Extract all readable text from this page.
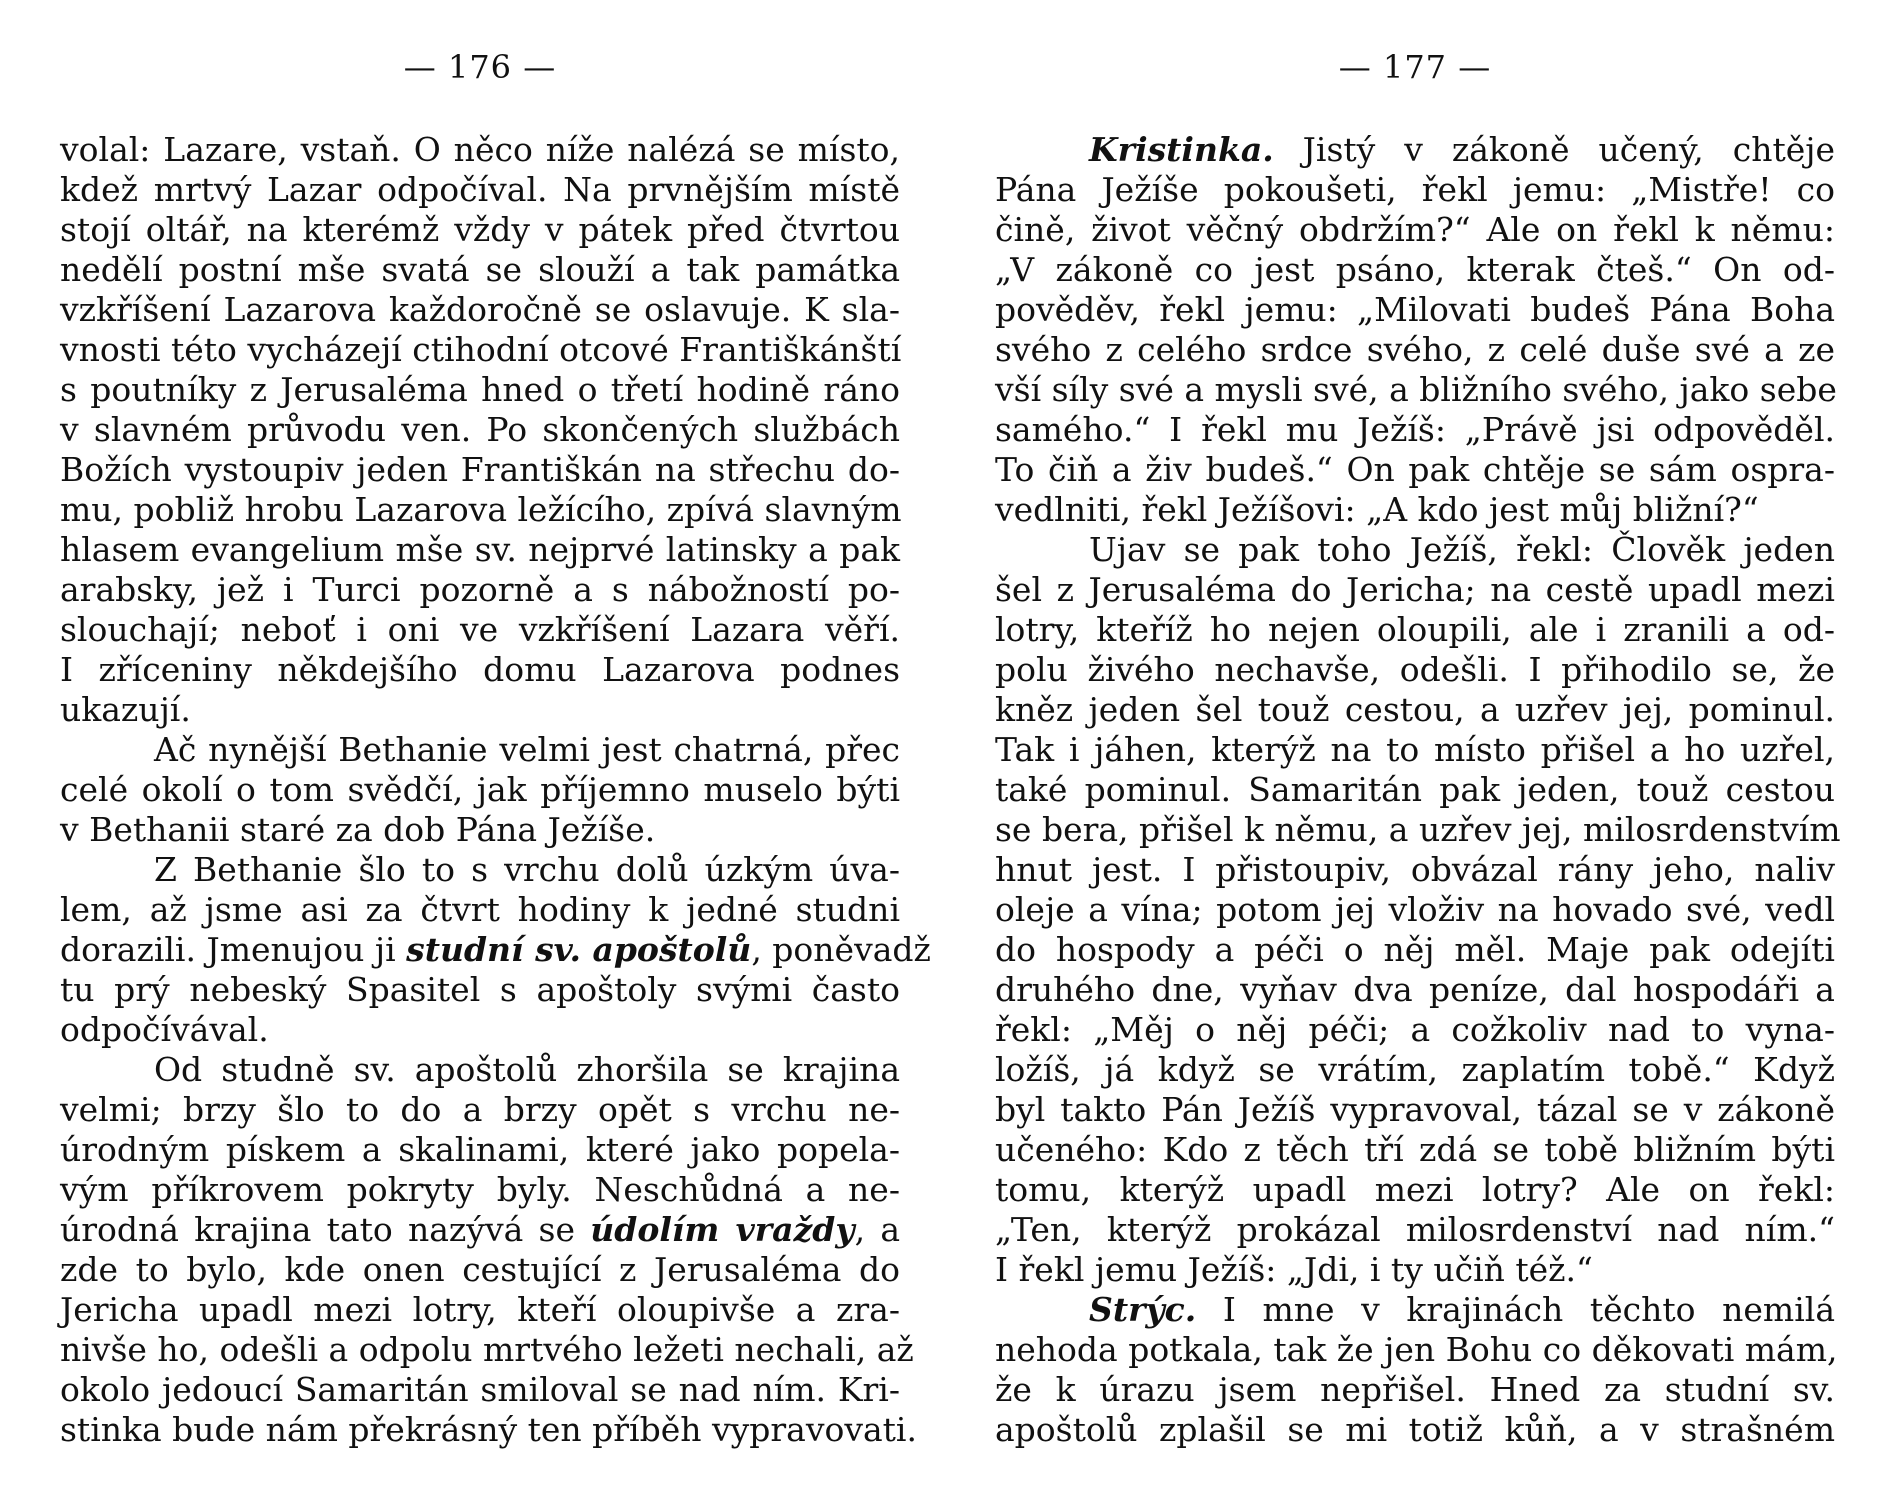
— 176 —
volal: Lazare, vstaň. O něco níže nalézá se místo,
kdež mrtvý Lazar odpočíval. Na prvnějším místě
stojí oltář, na kterémž vždy v pátek před čtvrtou
nedělí postní mše svatá se slouží a tak památka
vzkříšení Lazarova každoročně se oslavuje. K sla-
vnosti této vycházejí ctihodní otcové Františkánští
s poutníky z Jerusaléma hned o třetí hodině ráno
v slavném průvodu ven. Po skončených službách
Božích vystoupiv jeden Františkán na střechu do-
mu, pobliž hrobu Lazarova ležícího, zpívá slavným
hlasem evangelium mše sv. nejprvé latinsky a pak
arabsky, jež i Turci pozorně a s nábožností po-
slouchají; neboť i oni ve vzkříšení Lazara věří.
I zříceniny někdejšího domu Lazarova podnes
ukazují.
Ač nynější Bethanie velmi jest chatrná, přec
celé okolí o tom svědčí, jak příjemno muselo býti
v Bethanii staré za dob Pána Ježíše.
Z Bethanie šlo to s vrchu dolů úzkým úva-
lem, až jsme asi za čtvrt hodiny k jedné studni
dorazili. Jmenujou ji studní sv. apoštolů, poněvadž
tu prý nebeský Spasitel s apoštoly svými často
odpočívával.
Od studně sv. apoštolů zhoršila se krajina
velmi; brzy šlo to do a brzy opět s vrchu ne-
úrodným pískem a skalinami, které jako popela-
vým příkrovem pokryty byly. Neschůdná a ne-
úrodná krajina tato nazývá se údolím vraždy, a
zde to bylo, kde onen cestující z Jerusaléma do
Jericha upadl mezi lotry, kteří oloupivše a zra-
nivše ho, odešli a odpolu mrtvého ležeti nechali, až
okolo jedoucí Samaritán smiloval se nad ním. Kri-
stinka bude nám překrásný ten příběh vypravovati.
— 177 —
Kristinka. Jistý v zákoně učený, chtěje
Pána Ježíše pokoušeti, řekl jemu: „Mistře! co
čině, život věčný obdržím?“ Ale on řekl k němu:
„V zákoně co jest psáno, kterak čteš.“ On od-
pověděv, řekl jemu: „Milovati budeš Pána Boha
svého z celého srdce svého, z celé duše své a ze
vší síly své a mysli své, a bližního svého, jako sebe
samého.“ I řekl mu Ježíš: „Právě jsi odpověděl.
To čiň a živ budeš.“ On pak chtěje se sám ospra-
vedlniti, řekl Ježíšovi: „A kdo jest můj bližní?“
Ujav se pak toho Ježíš, řekl: Člověk jeden
šel z Jerusaléma do Jericha; na cestě upadl mezi
lotry, kteříž ho nejen oloupili, ale i zranili a od-
polu živého nechavše, odešli. I přihodilo se, že
kněz jeden šel touž cestou, a uzřev jej, pominul.
Tak i jáhen, kterýž na to místo přišel a ho uzřel,
také pominul. Samaritán pak jeden, touž cestou
se bera, přišel k němu, a uzřev jej, milosrdenstvím
hnut jest. I přistoupiv, obvázal rány jeho, naliv
oleje a vína; potom jej vloživ na hovado své, vedl
do hospody a péči o něj měl. Maje pak odejíti
druhého dne, vyňav dva peníze, dal hospodáři a
řekl: „Měj o něj péči; a cožkoliv nad to vyna-
ložíš, já když se vrátím, zaplatím tobě.“ Když
byl takto Pán Ježíš vypravoval, tázal se v zákoně
učeného: Kdo z těch tří zdá se tobě bližním býti
tomu, kterýž upadl mezi lotry? Ale on řekl:
„Ten, kterýž prokázal milosrdenství nad ním.“
I řekl jemu Ježíš: „Jdi, i ty učiň též.“
Strýc. I mne v krajinách těchto nemilá
nehoda potkala, tak že jen Bohu co děkovati mám,
že k úrazu jsem nepřišel. Hned za studní sv.
apoštolů zplašil se mi totiž kůň, a v strašném
